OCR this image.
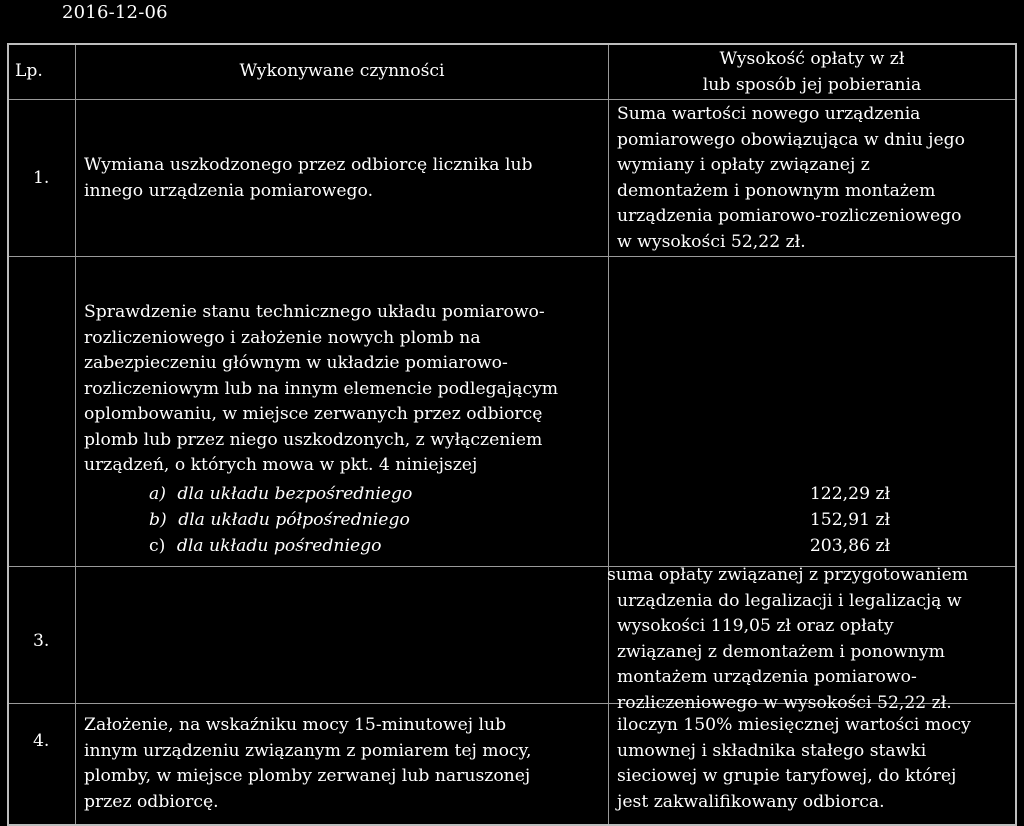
2016-12-06
Lp.	Wykonywane czynności
Wysokość opłaty w zł
lub sposób jej pobierania
1.
Wymiana uszkodzonego przez odbiorcę licznika lub
innego urządzenia pomiarowego.
Suma wartości nowego urządzenia
pomiarowego obowiązująca w dniu jego
wymiany i opłaty związanej z
demontażem i ponownym montażem
urządzenia pomiarowo-rozliczeniowego
w wysokości 52,22 zł.
Sprawdzenie stanu technicznego układu pomiarowo-
rozliczeniowego i założenie nowych plomb na
zabezpieczeniu głównym w układzie pomiarowo-
rozliczeniowym lub na innym elemencie podlegającym
oplombowaniu, w miejsce zerwanych przez odbiorcę
plomb lub przez niego uszkodzonych, z wyłączeniem
urządzeń, o których mowa w pkt. 4 niniejszej
a) dla układu bezpośredniego
b) dla układu półpośredniego
c) dla układu pośredniego
122,29 zł
152,91 zł
203,86 zł
3.
suma opłaty związanej z przygotowaniem
urządzenia do legalizacji i legalizacją w
wysokości 119,05 zł oraz opłaty
związanej z demontażem i ponownym
montażem urządzenia pomiarowo-
rozliczeniowego w wysokości 52,22 zł.
4.
Założenie, na wskaźniku mocy 15-minutowej lub
innym urządzeniu związanym z pomiarem tej mocy,
plomby, w miejsce plomby zerwanej lub naruszonej
przez odbiorcę.
iloczyn 150% miesięcznej wartości mocy
umownej i składnika stałego stawki
sieciowej w grupie taryfowej, do której
jest zakwalifikowany odbiorca.
